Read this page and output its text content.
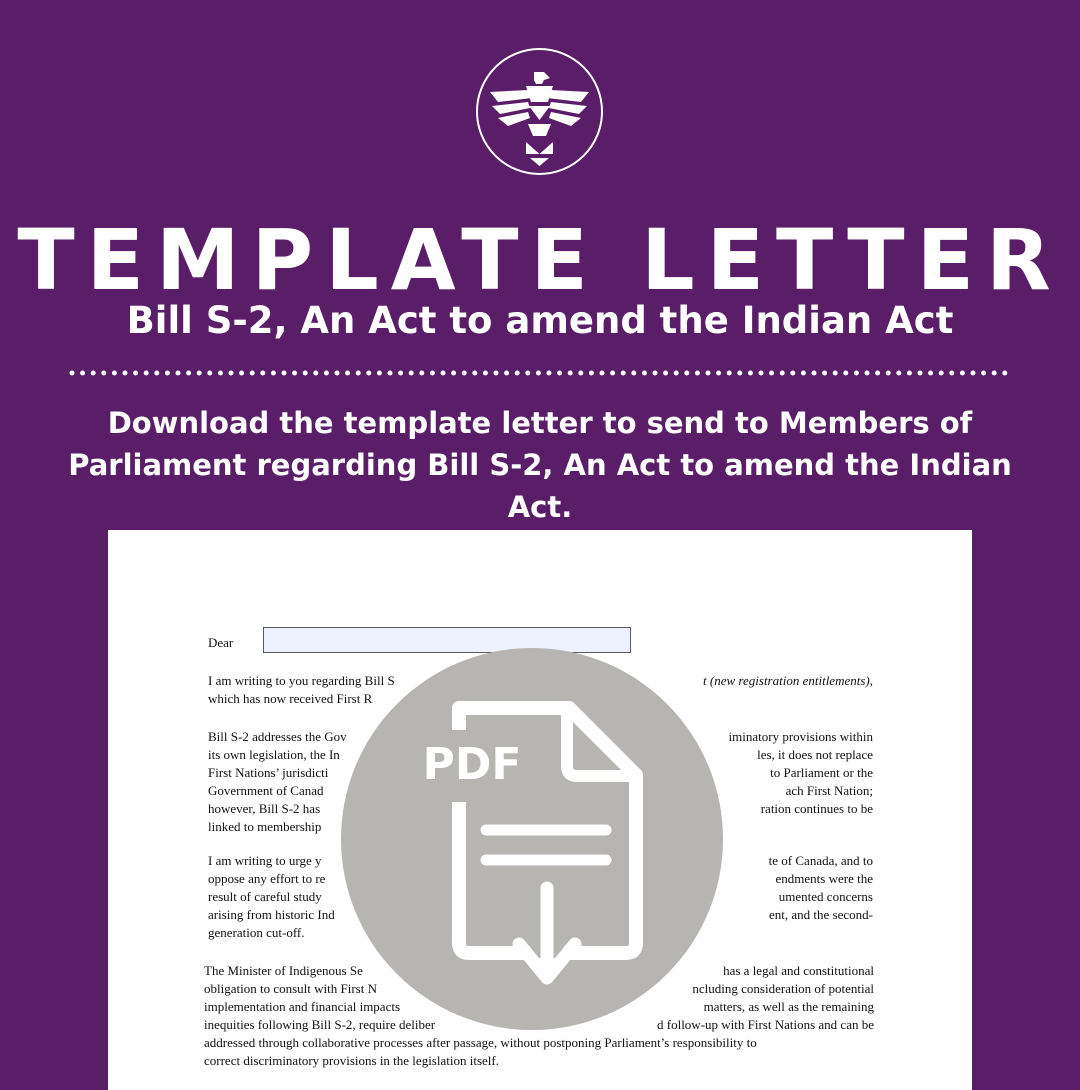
TEMPLATE LETTER
Bill S-2, An Act to amend the Indian Act
Download the template letter to send to Members of
Parliament regarding Bill S-2, An Act to amend the Indian Act.
Dear
I am writing to you regarding Bill S	t (new registration entitlements),
which has now received First R
Bill S-2 addresses the Gov	iminatory provisions within
its own legislation, the In	les, it does not replace
First Nations’ jurisdicti	to Parliament or the
Government of Canad	ach First Nation;
however, Bill S-2 has	ration continues to be
linked to membership
I am writing to urge y	te of Canada, and to
oppose any effort to re	endments were the
result of careful study	umented concerns
arising from historic Ind	ent, and the second-
generation cut-off.
The Minister of Indigenous Se	has a legal and constitutional
obligation to consult with First N	ncluding consideration of potential
implementation and financial impacts	matters, as well as the remaining
inequities following Bill S-2, require deliber	d follow-up with First Nations and can be
addressed through collaborative processes after passage, without postponing Parliament’s responsibility to
correct discriminatory provisions in the legislation itself.
PDF
